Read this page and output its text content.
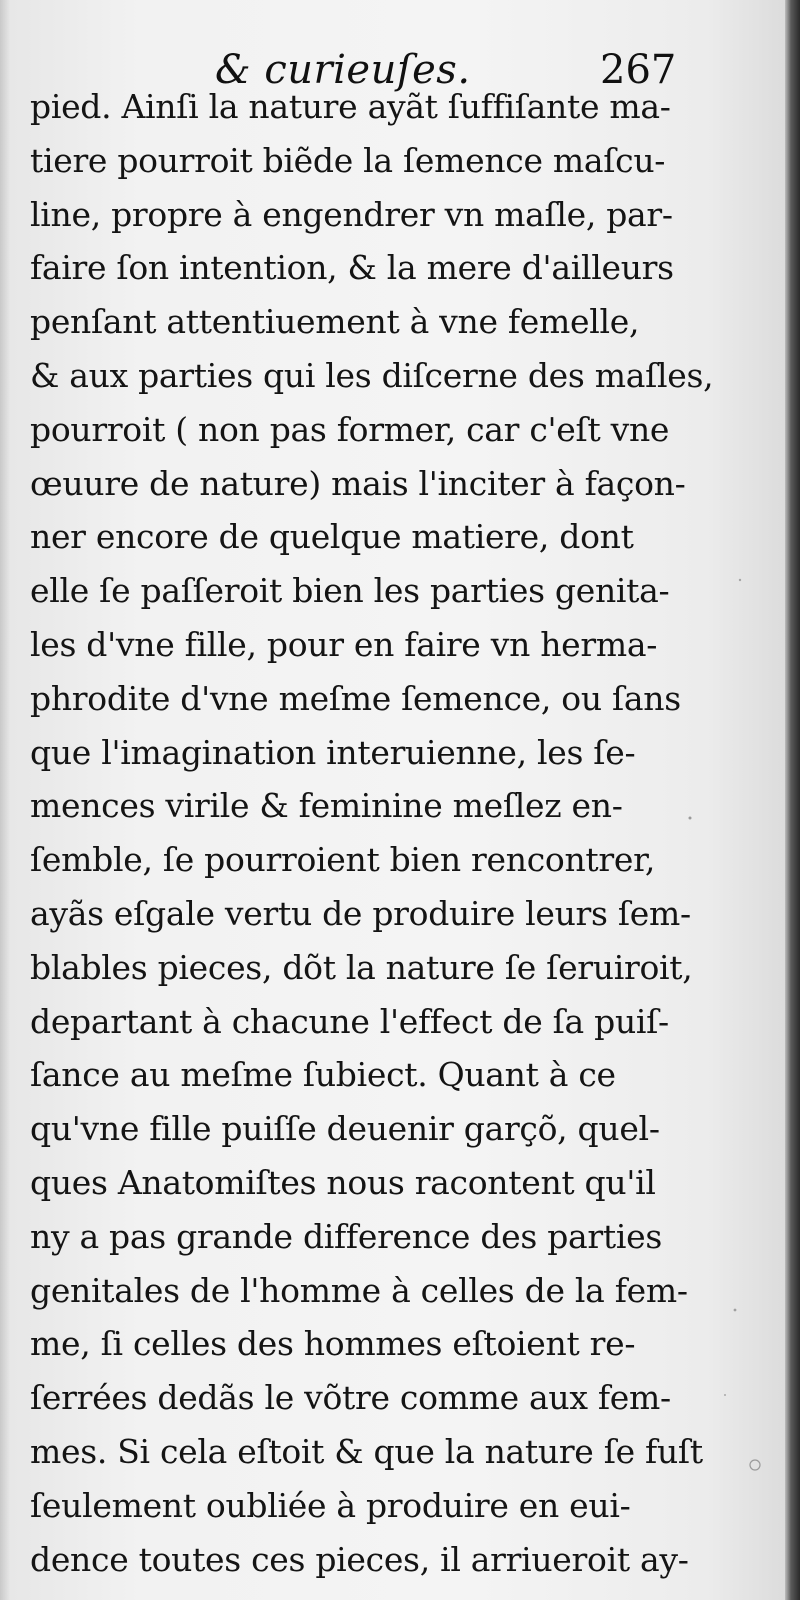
& curieuſes.	267
pied. Ainſi la nature ayãt ſuffiſante ma-
tiere pourroit biẽde la ſemence maſcu-
line, propre à engendrer vn maſle, par-
faire ſon intention, & la mere d'ailleurs
penſant attentiuement à vne femelle,
& aux parties qui les diſcerne des maſles,
pourroit ( non pas former, car c'eſt vne
œuure de nature) mais l'inciter à façon-
ner encore de quelque matiere, dont
elle ſe paſſeroit bien les parties genita-
les d'vne fille, pour en faire vn herma-
phrodite d'vne meſme ſemence, ou ſans
que l'imagination interuienne, les ſe-
mences virile & feminine meſlez en-
ſemble, ſe pourroient bien rencontrer,
ayãs eſgale vertu de produire leurs ſem-
blables pieces, dõt la nature ſe ſeruiroit,
departant à chacune l'effect de ſa puiſ-
ſance au meſme ſubiect. Quant à ce
qu'vne fille puiſſe deuenir garçõ, quel-
ques Anatomiſtes nous racontent qu'il
ny a pas grande difference des parties
genitales de l'homme à celles de la fem-
me, ſi celles des hommes eſtoient re-
ſerrées dedãs le võtre comme aux fem-
mes. Si cela eſtoit & que la nature ſe fuſt
ſeulement oubliée à produire en eui-
dence toutes ces pieces, il arriueroit ay-
